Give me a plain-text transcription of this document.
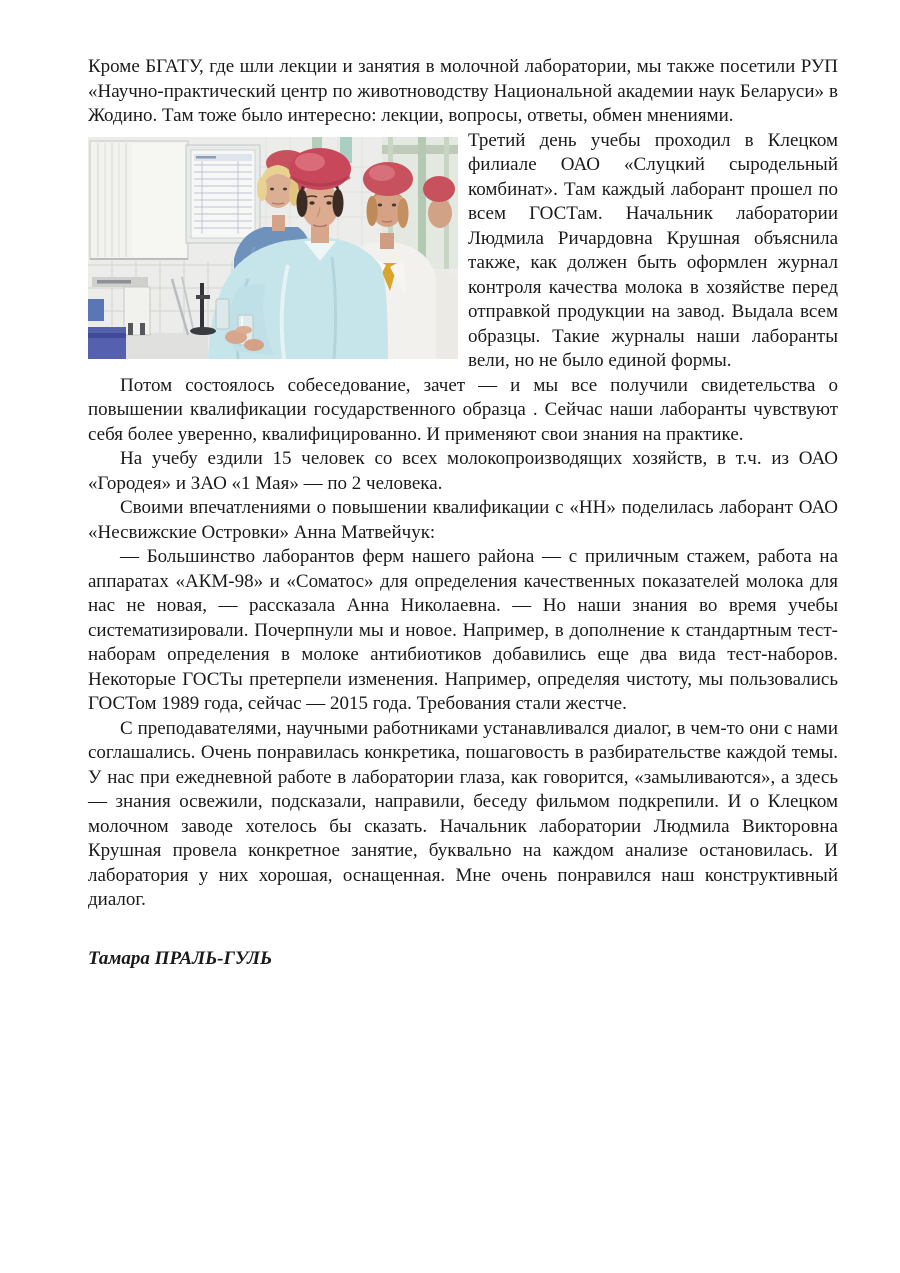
Кроме БГАТУ, где шли лекции и занятия в молочной лаборатории, мы также посетили РУП «Научно-практический центр по животноводству Национальной академии наук Беларуси» в Жодино. Там тоже было интересно: лекции, вопросы, ответы, обмен мнениями.

Третий день учебы проходил в Клецком филиале ОАО «Слуцкий сыродельный комбинат». Там каждый лаборант прошел по всем ГОСТам. Начальник лаборатории Людмила Ричардовна Крушная объяснила также, как должен быть оформлен журнал контроля качества молока в хозяйстве перед отправкой продукции на завод. Выдала всем образцы. Такие журналы наши лаборанты вели, но не было единой формы.

Потом состоялось собеседование, зачет — и мы все получили свидетельства о повышении квалификации государственного образца . Сейчас наши лаборанты чувствуют себя более уверенно, квалифицированно. И применяют свои знания на практике.

На учебу ездили 15 человек со всех молокопроизводящих хозяйств, в т.ч. из ОАО «Городея» и ЗАО «1 Мая» — по 2 человека.

Своими впечатлениями о повышении квалификации с «НН» поделилась лаборант ОАО «Несвижские Островки» Анна Матвейчук:

— Большинство лаборантов ферм нашего района — с приличным стажем, работа на аппаратах «АКМ-98» и «Соматос» для определения качественных показателей молока для нас не новая, — рассказала Анна Николаевна. — Но наши знания во время учебы систематизировали. Почерпнули мы и новое. Например, в дополнение к стандартным тест-наборам определения в молоке антибиотиков добавились еще два вида тест-наборов. Некоторые ГОСТы претерпели изменения. Например, определяя чистоту, мы пользовались ГОСТом 1989 года, сейчас — 2015 года. Требования стали жестче.

С преподавателями, научными работниками устанавливался диалог, в чем-то они с нами соглашались. Очень понравилась конкретика, пошаговость в разбирательстве каждой темы. У нас при ежедневной работе в лаборатории глаза, как говорится, «замыливаются», а здесь — знания освежили, подсказали, направили, беседу фильмом подкрепили. И о Клецком молочном заводе хотелось бы сказать. Начальник лаборатории Людмила Викторовна Крушная провела конкретное занятие, буквально на каждом анализе остановилась. И лаборатория у них хорошая, оснащенная. Мне очень понравился наш конструктивный диалог.

Тамара ПРАЛЬ-ГУЛЬ
